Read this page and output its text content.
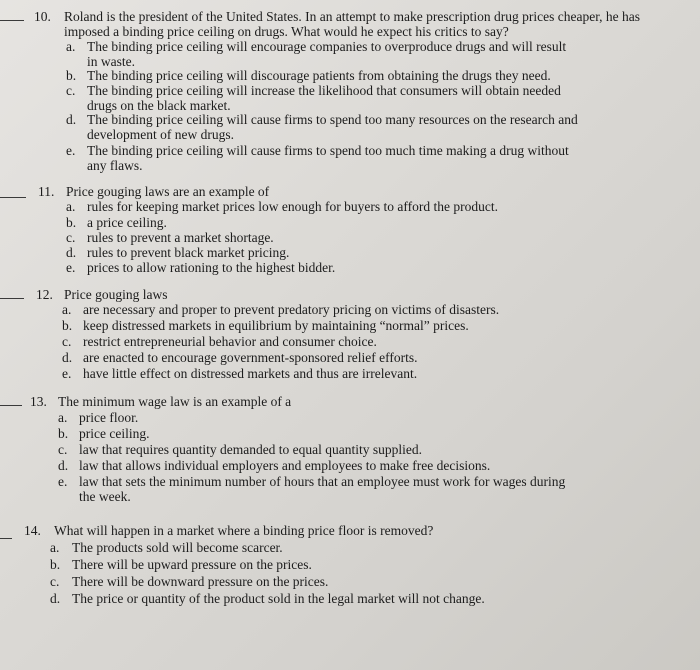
10. Roland is the president of the United States. In an attempt to make prescription drug prices cheaper, he has
imposed a binding price ceiling on drugs. What would he expect his critics to say?
a. The binding price ceiling will encourage companies to overproduce drugs and will result
in waste.
b. The binding price ceiling will discourage patients from obtaining the drugs they need.
c. The binding price ceiling will increase the likelihood that consumers will obtain needed
drugs on the black market.
d. The binding price ceiling will cause firms to spend too many resources on the research and
development of new drugs.
e. The binding price ceiling will cause firms to spend too much time making a drug without
any flaws.
11. Price gouging laws are an example of
a. rules for keeping market prices low enough for buyers to afford the product.
b. a price ceiling.
c. rules to prevent a market shortage.
d. rules to prevent black market pricing.
e. prices to allow rationing to the highest bidder.
12. Price gouging laws
a. are necessary and proper to prevent predatory pricing on victims of disasters.
b. keep distressed markets in equilibrium by maintaining “normal” prices.
c. restrict entrepreneurial behavior and consumer choice.
d. are enacted to encourage government-sponsored relief efforts.
e. have little effect on distressed markets and thus are irrelevant.
13. The minimum wage law is an example of a
a. price floor.
b. price ceiling.
c. law that requires quantity demanded to equal quantity supplied.
d. law that allows individual employers and employees to make free decisions.
e. law that sets the minimum number of hours that an employee must work for wages during
the week.
14. What will happen in a market where a binding price floor is removed?
a. The products sold will become scarcer.
b. There will be upward pressure on the prices.
c. There will be downward pressure on the prices.
d. The price or quantity of the product sold in the legal market will not change.
